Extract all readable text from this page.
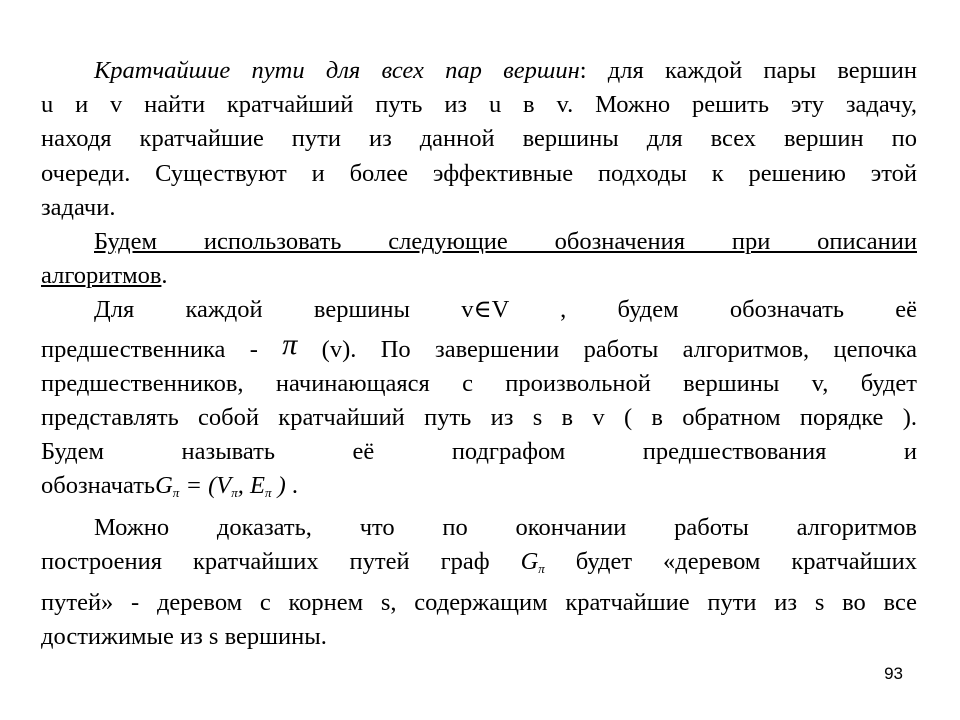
Кратчайшие пути для всех пар вершин: для каждой пары вершин
u и v найти кратчайший путь из u в v. Можно решить эту задачу,
находя кратчайшие пути из данной вершины для всех вершин по
очереди. Существуют и более эффективные подходы к решению этой
задачи.
Будем использовать следующие обозначения при описании
алгоритмов.
Для каждой вершины v∈V , будем обозначать её
предшественника - π (v). По завершении работы алгоритмов, цепочка
предшественников, начинающаяся с произвольной вершины v, будет
представлять собой кратчайший путь из s в v ( в обратном порядке ).
Будем называть её подграфом предшествования и
обозначатьG$_\pi$ = ($V_\pi$, $E_\pi$ ) .
Можно доказать, что по окончании работы алгоритмов
построения кратчайших путей граф $G_\pi$ будет «деревом кратчайших
путей» - деревом с корнем s, содержащим кратчайшие пути из s во все
достижимые из s вершины.
93
